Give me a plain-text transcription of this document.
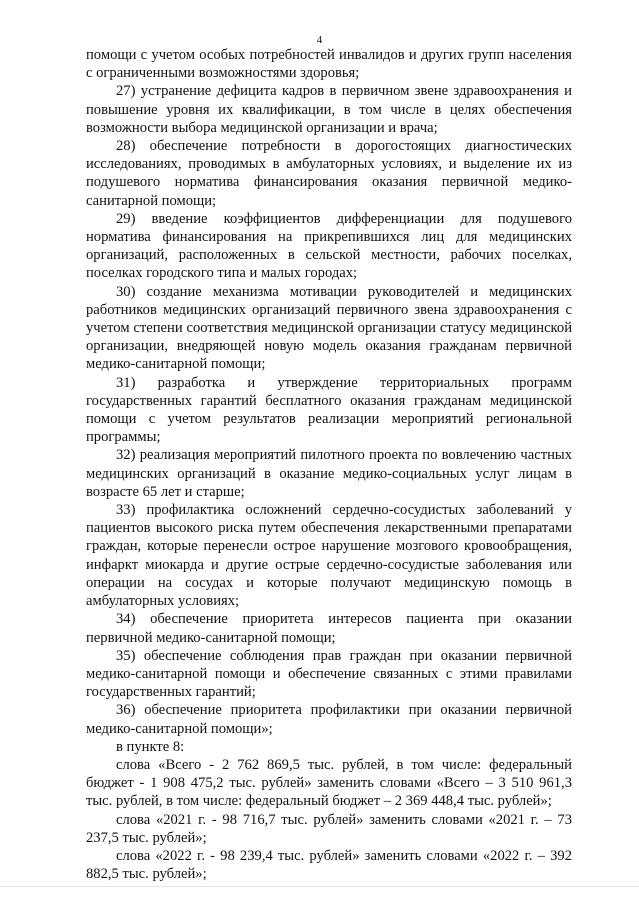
4

помощи с учетом особых потребностей инвалидов и других групп населения с ограниченными возможностями здоровья;

27) устранение дефицита кадров в первичном звене здравоохранения и повышение уровня их квалификации, в том числе в целях обеспечения возможности выбора медицинской организации и врача;

28) обеспечение потребности в дорогостоящих диагностических исследованиях, проводимых в амбулаторных условиях, и выделение их из подушевого норматива финансирования оказания первичной медико-санитарной помощи;

29) введение коэффициентов дифференциации для подушевого норматива финансирования на прикрепившихся лиц для медицинских организаций, расположенных в сельской местности, рабочих поселках, поселках городского типа и малых городах;

30) создание механизма мотивации руководителей и медицинских работников медицинских организаций первичного звена здравоохранения с учетом степени соответствия медицинской организации статусу медицинской организации, внедряющей новую модель оказания гражданам первичной медико-санитарной помощи;

31) разработка и утверждение территориальных программ государственных гарантий бесплатного оказания гражданам медицинской помощи с учетом результатов реализации мероприятий региональной программы;

32) реализация мероприятий пилотного проекта по вовлечению частных медицинских организаций в оказание медико-социальных услуг лицам в возрасте 65 лет и старше;

33) профилактика осложнений сердечно-сосудистых заболеваний у пациентов высокого риска путем обеспечения лекарственными препаратами граждан, которые перенесли острое нарушение мозгового кровообращения, инфаркт миокарда и другие острые сердечно-сосудистые заболевания или операции на сосудах и которые получают медицинскую помощь в амбулаторных условиях;

34) обеспечение приоритета интересов пациента при оказании первичной медико-санитарной помощи;

35) обеспечение соблюдения прав граждан при оказании первичной медико-санитарной помощи и обеспечение связанных с этими правилами государственных гарантий;

36) обеспечение приоритета профилактики при оказании первичной медико-санитарной помощи»;

в пункте 8:

слова «Всего - 2 762 869,5 тыс. рублей, в том числе: федеральный бюджет - 1 908 475,2 тыс. рублей» заменить словами «Всего – 3 510 961,3 тыс. рублей, в том числе: федеральный бюджет – 2 369 448,4 тыс. рублей»;

слова «2021 г. - 98 716,7 тыс. рублей» заменить словами «2021 г. – 73 237,5 тыс. рублей»;

слова «2022 г. - 98 239,4 тыс. рублей» заменить словами «2022 г. – 392 882,5 тыс. рублей»;
